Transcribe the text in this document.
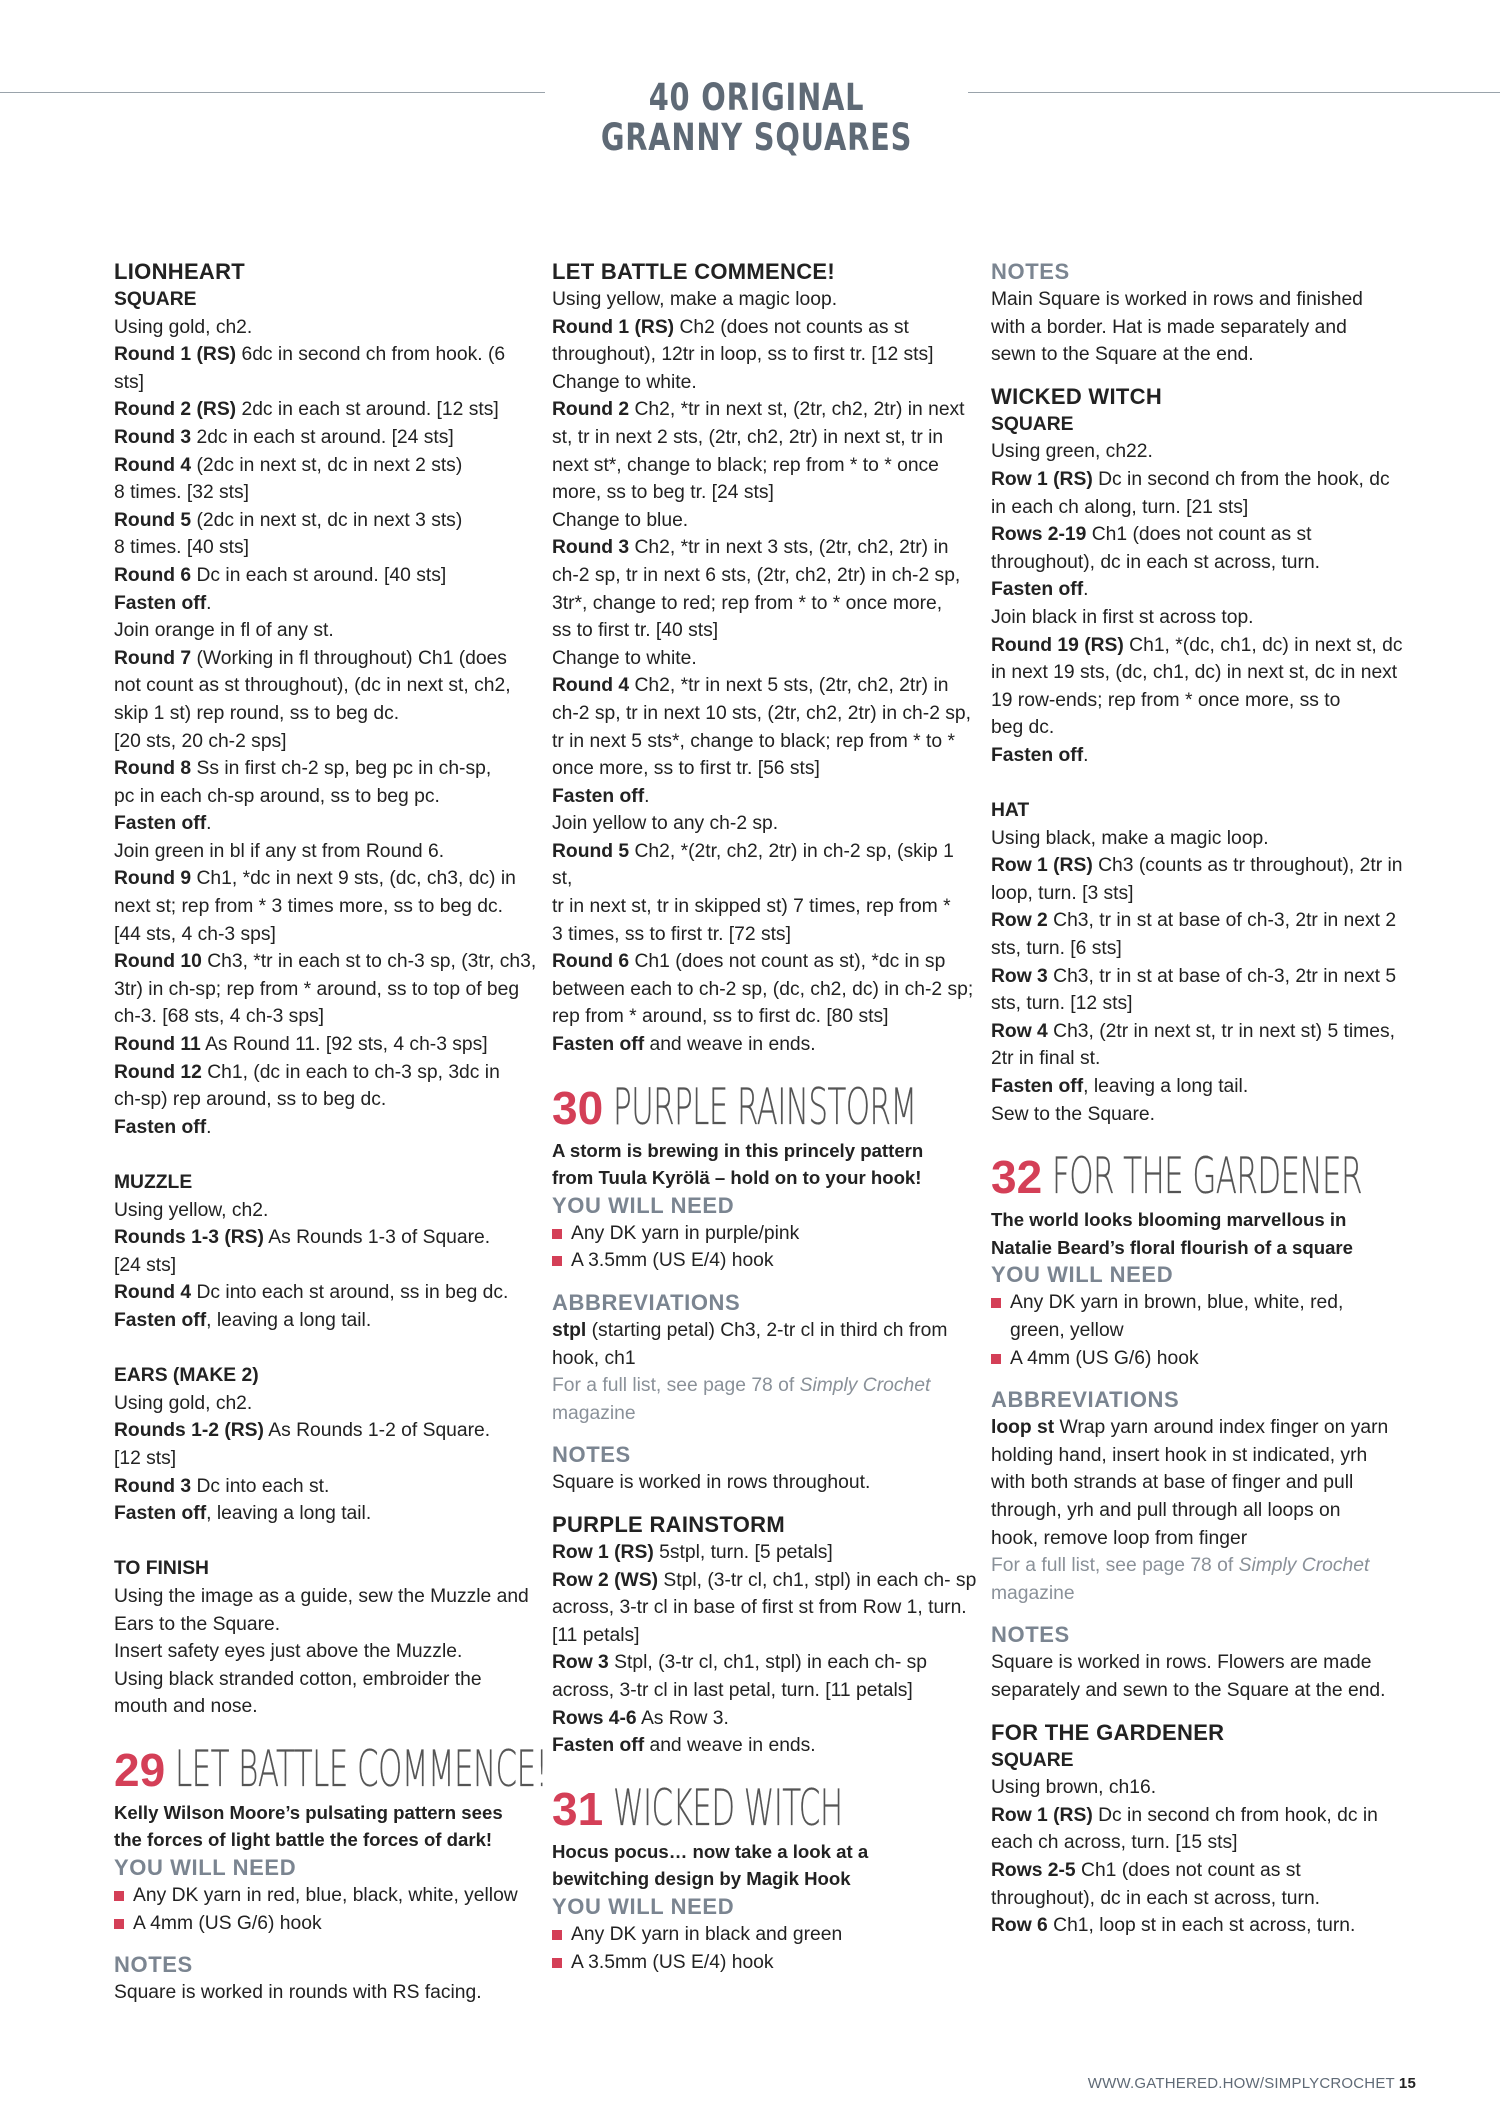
40 ORIGINAL GRANNY SQUARES

LIONHEART

SQUARE

Using gold, ch2.

Round 1 (RS) 6dc in second ch from hook. (6 sts]

Round 2 (RS) 2dc in each st around. [12 sts]

Round 3 2dc in each st around. [24 sts]

Round 4 (2dc in next st, dc in next 2 sts)

8 times. [32 sts]

Round 5 (2dc in next st, dc in next 3 sts)

8 times. [40 sts]

Round 6 Dc in each st around. [40 sts]

Fasten off.

Join orange in fl of any st.

Round 7 (Working in fl throughout) Ch1 (does

not count as st throughout), (dc in next st, ch2,

skip 1 st) rep round, ss to beg dc.

[20 sts, 20 ch-2 sps]

Round 8 Ss in first ch-2 sp, beg pc in ch-sp,

pc in each ch-sp around, ss to beg pc.

Fasten off.

Join green in bl if any st from Round 6.

Round 9 Ch1, *dc in next 9 sts, (dc, ch3, dc) in

next st; rep from * 3 times more, ss to beg dc.

[44 sts, 4 ch-3 sps]

Round 10 Ch3, *tr in each st to ch-3 sp, (3tr, ch3,

3tr) in ch-sp; rep from * around, ss to top of beg

ch-3. [68 sts, 4 ch-3 sps]

Round 11 As Round 11. [92 sts, 4 ch-3 sps]

Round 12 Ch1, (dc in each to ch-3 sp, 3dc in

ch-sp) rep around, ss to beg dc.

Fasten off.

MUZZLE

Using yellow, ch2.

Rounds 1-3 (RS) As Rounds 1-3 of Square.

[24 sts]

Round 4 Dc into each st around, ss in beg dc.

Fasten off, leaving a long tail.

EARS (MAKE 2)

Using gold, ch2.

Rounds 1-2 (RS) As Rounds 1-2 of Square.

[12 sts]

Round 3 Dc into each st.

Fasten off, leaving a long tail.

TO FINISH

Using the image as a guide, sew the Muzzle and

Ears to the Square.

Insert safety eyes just above the Muzzle.

Using black stranded cotton, embroider the

mouth and nose.

29 LET BATTLE COMMENCE!

Kelly Wilson Moore’s pulsating pattern sees

the forces of light battle the forces of dark!

YOU WILL NEED

Any DK yarn in red, blue, black, white, yellow

A 4mm (US G/6) hook

NOTES

Square is worked in rounds with RS facing.

LET BATTLE COMMENCE!

Using yellow, make a magic loop.

Round 1 (RS) Ch2 (does not counts as st

throughout), 12tr in loop, ss to first tr. [12 sts]

Change to white.

Round 2 Ch2, *tr in next st, (2tr, ch2, 2tr) in next

st, tr in next 2 sts, (2tr, ch2, 2tr) in next st, tr in

next st*, change to black; rep from * to * once

more, ss to beg tr. [24 sts]

Change to blue.

Round 3 Ch2, *tr in next 3 sts, (2tr, ch2, 2tr) in

ch-2 sp, tr in next 6 sts, (2tr, ch2, 2tr) in ch-2 sp,

3tr*, change to red; rep from * to * once more,

ss to first tr. [40 sts]

Change to white.

Round 4 Ch2, *tr in next 5 sts, (2tr, ch2, 2tr) in

ch-2 sp, tr in next 10 sts, (2tr, ch2, 2tr) in ch-2 sp,

tr in next 5 sts*, change to black; rep from * to *

once more, ss to first tr. [56 sts]

Fasten off.

Join yellow to any ch-2 sp.

Round 5 Ch2, *(2tr, ch2, 2tr) in ch-2 sp, (skip 1 st,

tr in next st, tr in skipped st) 7 times, rep from *

3 times, ss to first tr. [72 sts]

Round 6 Ch1 (does not count as st), *dc in sp

between each to ch-2 sp, (dc, ch2, dc) in ch-2 sp;

rep from * around, ss to first dc. [80 sts]

Fasten off and weave in ends.

30 PURPLE RAINSTORM

A storm is brewing in this princely pattern

from Tuula Kyrölä – hold on to your hook!

YOU WILL NEED

Any DK yarn in purple/pink

A 3.5mm (US E/4) hook

ABBREVIATIONS

stpl (starting petal) Ch3, 2-tr cl in third ch from

hook, ch1

For a full list, see page 78 of Simply Crochet

magazine

NOTES

Square is worked in rows throughout.

PURPLE RAINSTORM

Row 1 (RS) 5stpl, turn. [5 petals]

Row 2 (WS) Stpl, (3-tr cl, ch1, stpl) in each ch- sp

across, 3-tr cl in base of first st from Row 1, turn.

[11 petals]

Row 3 Stpl, (3-tr cl, ch1, stpl) in each ch- sp

across, 3-tr cl in last petal, turn. [11 petals]

Rows 4-6 As Row 3.

Fasten off and weave in ends.

31 WICKED WITCH

Hocus pocus… now take a look at a

bewitching design by Magik Hook

YOU WILL NEED

Any DK yarn in black and green

A 3.5mm (US E/4) hook

NOTES

Main Square is worked in rows and finished

with a border. Hat is made separately and

sewn to the Square at the end.

WICKED WITCH

SQUARE

Using green, ch22.

Row 1 (RS) Dc in second ch from the hook, dc

in each ch along, turn. [21 sts]

Rows 2-19 Ch1 (does not count as st

throughout), dc in each st across, turn.

Fasten off.

Join black in first st across top.

Round 19 (RS) Ch1, *(dc, ch1, dc) in next st, dc

in next 19 sts, (dc, ch1, dc) in next st, dc in next

19 row-ends; rep from * once more, ss to

beg dc.

Fasten off.

HAT

Using black, make a magic loop.

Row 1 (RS) Ch3 (counts as tr throughout), 2tr in

loop, turn. [3 sts]

Row 2 Ch3, tr in st at base of ch-3, 2tr in next 2

sts, turn. [6 sts]

Row 3 Ch3, tr in st at base of ch-3, 2tr in next 5

sts, turn. [12 sts]

Row 4 Ch3, (2tr in next st, tr in next st) 5 times,

2tr in final st.

Fasten off, leaving a long tail.

Sew to the Square.

32 FOR THE GARDENER

The world looks blooming marvellous in

Natalie Beard’s floral flourish of a square

YOU WILL NEED

Any DK yarn in brown, blue, white, red,

green, yellow

A 4mm (US G/6) hook

ABBREVIATIONS

loop st Wrap yarn around index finger on yarn

holding hand, insert hook in st indicated, yrh

with both strands at base of finger and pull

through, yrh and pull through all loops on

hook, remove loop from finger

For a full list, see page 78 of Simply Crochet

magazine

NOTES

Square is worked in rows. Flowers are made

separately and sewn to the Square at the end.

FOR THE GARDENER

SQUARE

Using brown, ch16.

Row 1 (RS) Dc in second ch from hook, dc in

each ch across, turn. [15 sts]

Rows 2-5 Ch1 (does not count as st

throughout), dc in each st across, turn.

Row 6 Ch1, loop st in each st across, turn.

WWW.GATHERED.HOW/SIMPLYCROCHET 15
